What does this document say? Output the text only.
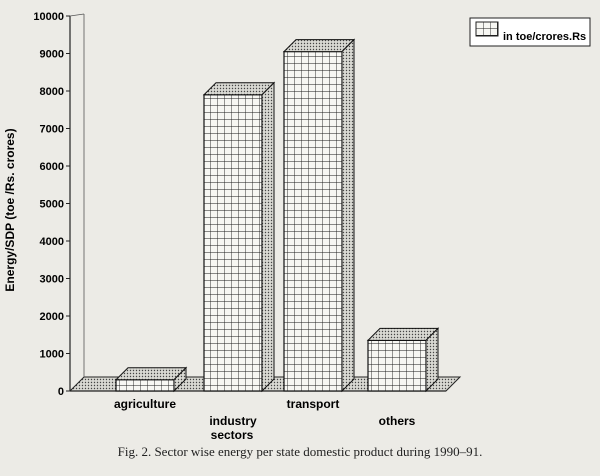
0
1000
2000
3000
4000
5000
6000
7000
8000
9000
10000
agriculture
industry
transport
others
Energy/SDP (toe /Rs. crores)
sectors
in toe/crores.Rs
Fig. 2. Sector wise energy per state domestic product during 1990–91.
